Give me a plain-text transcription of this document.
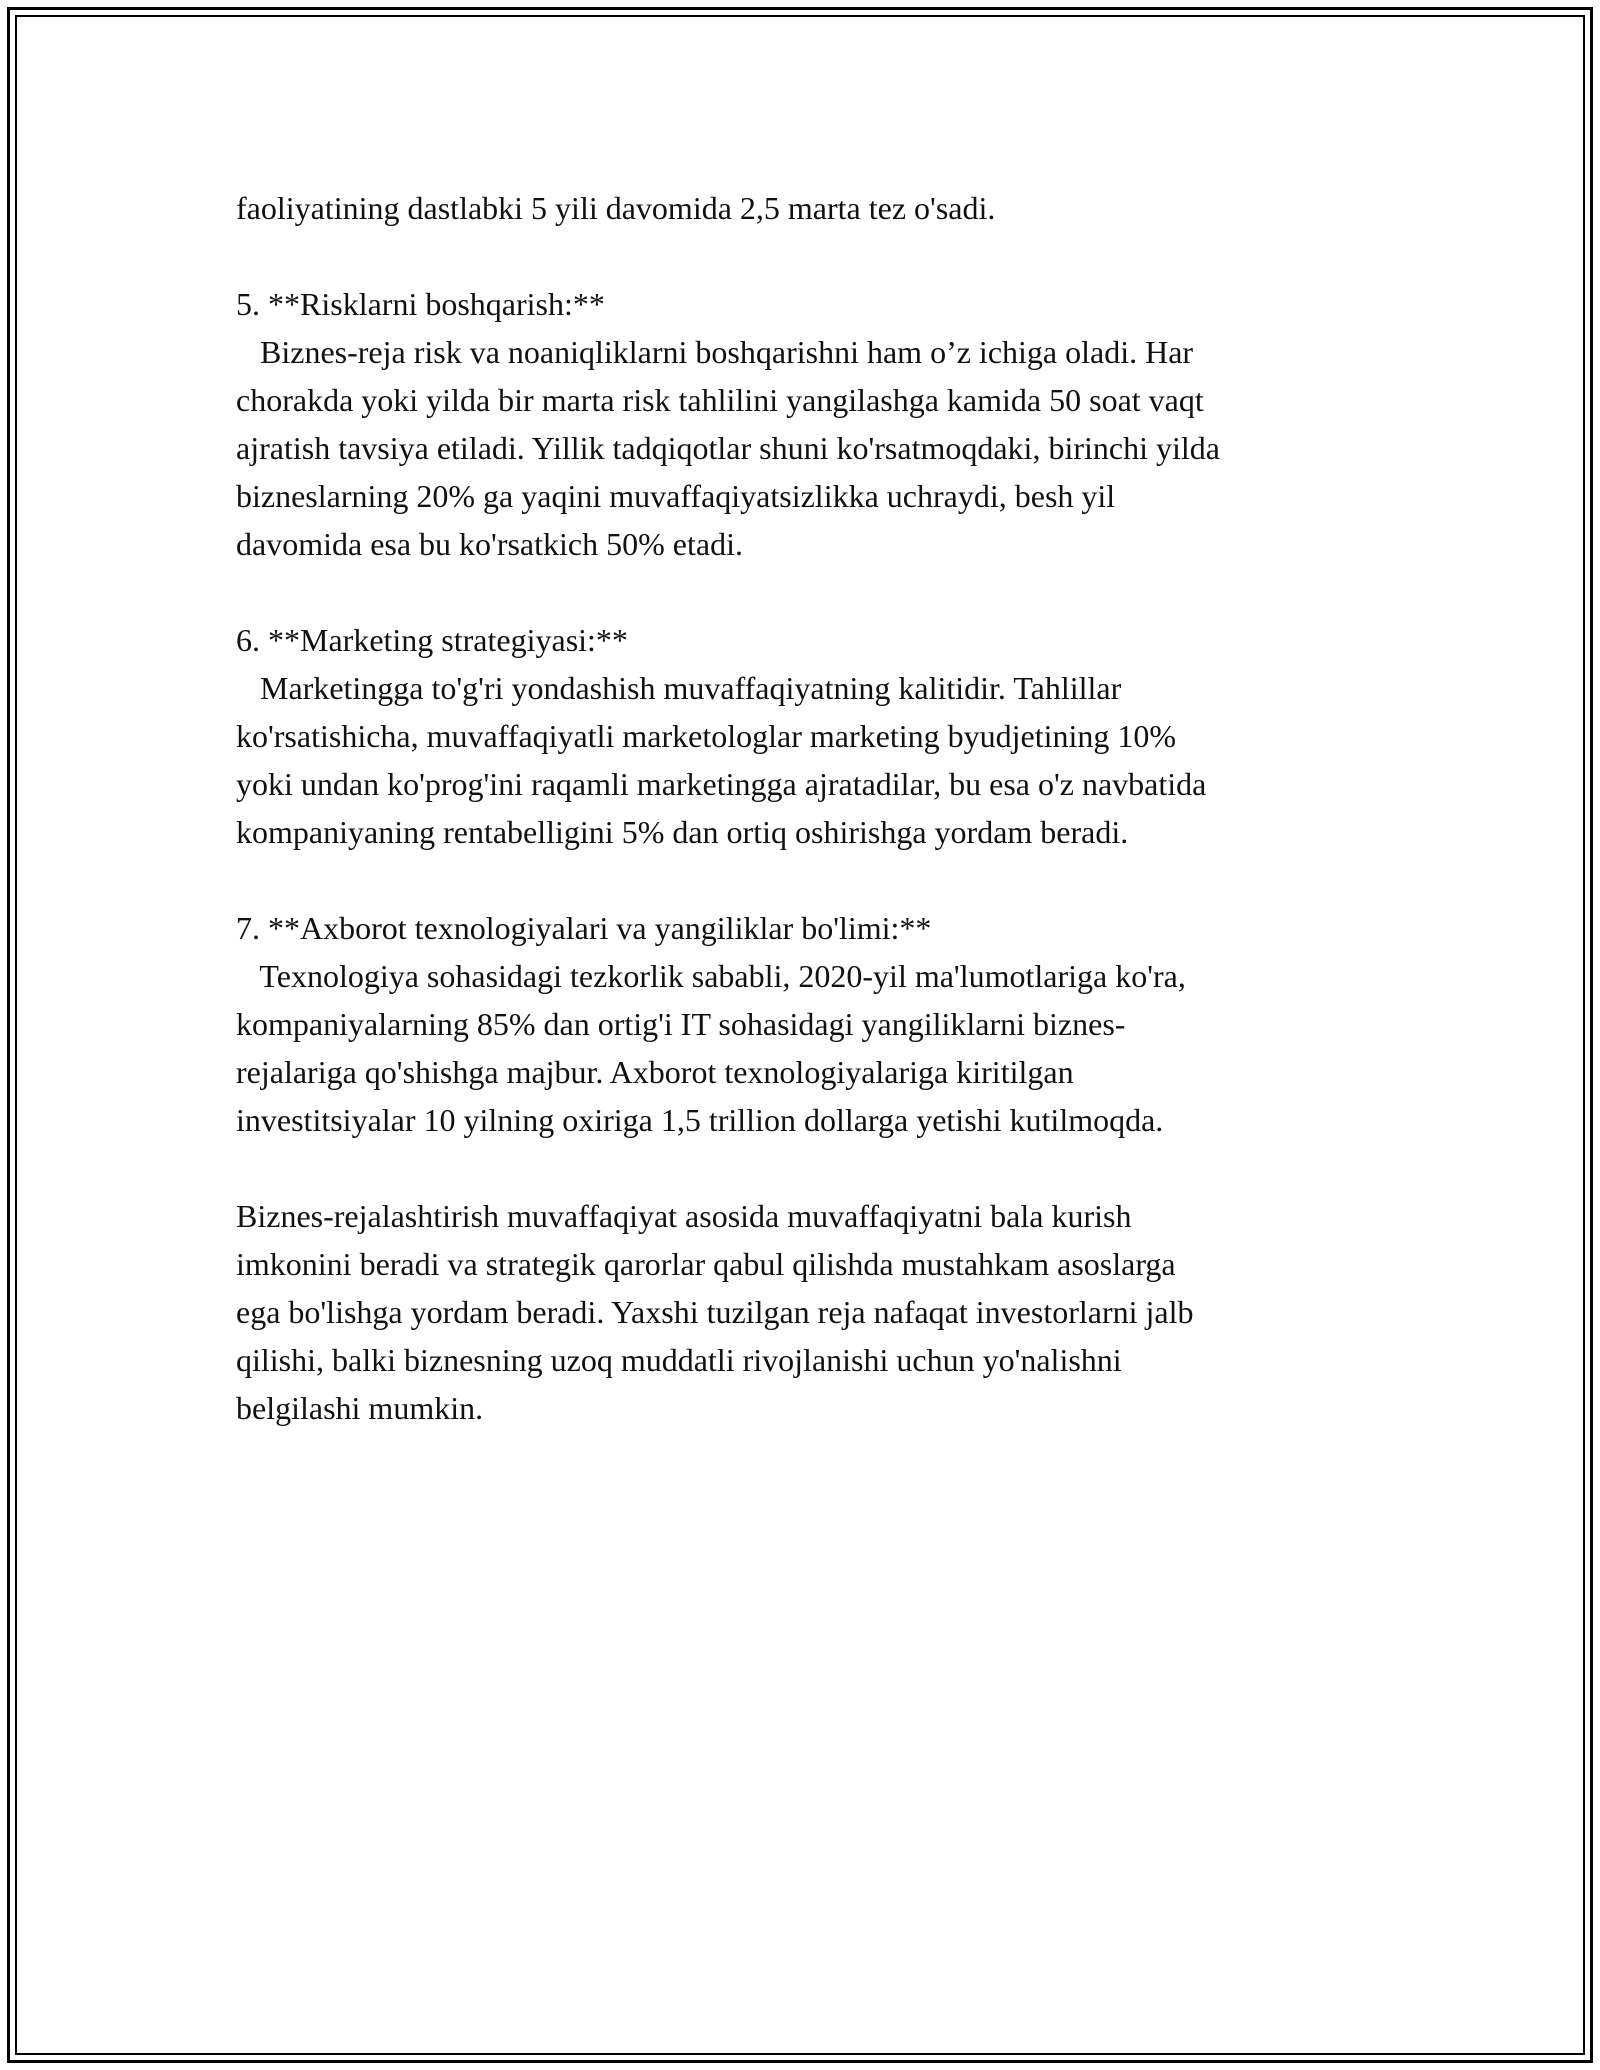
faoliyatining dastlabki 5 yili davomida 2,5 marta tez o'sadi.
5. **Risklarni boshqarish:**
Biznes-reja risk va noaniqliklarni boshqarishni ham o’z ichiga oladi. Har
chorakda yoki yilda bir marta risk tahlilini yangilashga kamida 50 soat vaqt
ajratish tavsiya etiladi. Yillik tadqiqotlar shuni ko'rsatmoqdaki, birinchi yilda
bizneslarning 20% ga yaqini muvaffaqiyatsizlikka uchraydi, besh yil
davomida esa bu ko'rsatkich 50% etadi.
6. **Marketing strategiyasi:**
Marketingga to'g'ri yondashish muvaffaqiyatning kalitidir. Tahlillar
ko'rsatishicha, muvaffaqiyatli marketologlar marketing byudjetining 10%
yoki undan ko'prog'ini raqamli marketingga ajratadilar, bu esa o'z navbatida
kompaniyaning rentabelligini 5% dan ortiq oshirishga yordam beradi.
7. **Axborot texnologiyalari va yangiliklar bo'limi:**
Texnologiya sohasidagi tezkorlik sababli, 2020-yil ma'lumotlariga ko'ra,
kompaniyalarning 85% dan ortig'i IT sohasidagi yangiliklarni biznes-
rejalariga qo'shishga majbur. Axborot texnologiyalariga kiritilgan
investitsiyalar 10 yilning oxiriga 1,5 trillion dollarga yetishi kutilmoqda.
Biznes-rejalashtirish muvaffaqiyat asosida muvaffaqiyatni bala kurish
imkonini beradi va strategik qarorlar qabul qilishda mustahkam asoslarga
ega bo'lishga yordam beradi. Yaxshi tuzilgan reja nafaqat investorlarni jalb
qilishi, balki biznesning uzoq muddatli rivojlanishi uchun yo'nalishni
belgilashi mumkin.
